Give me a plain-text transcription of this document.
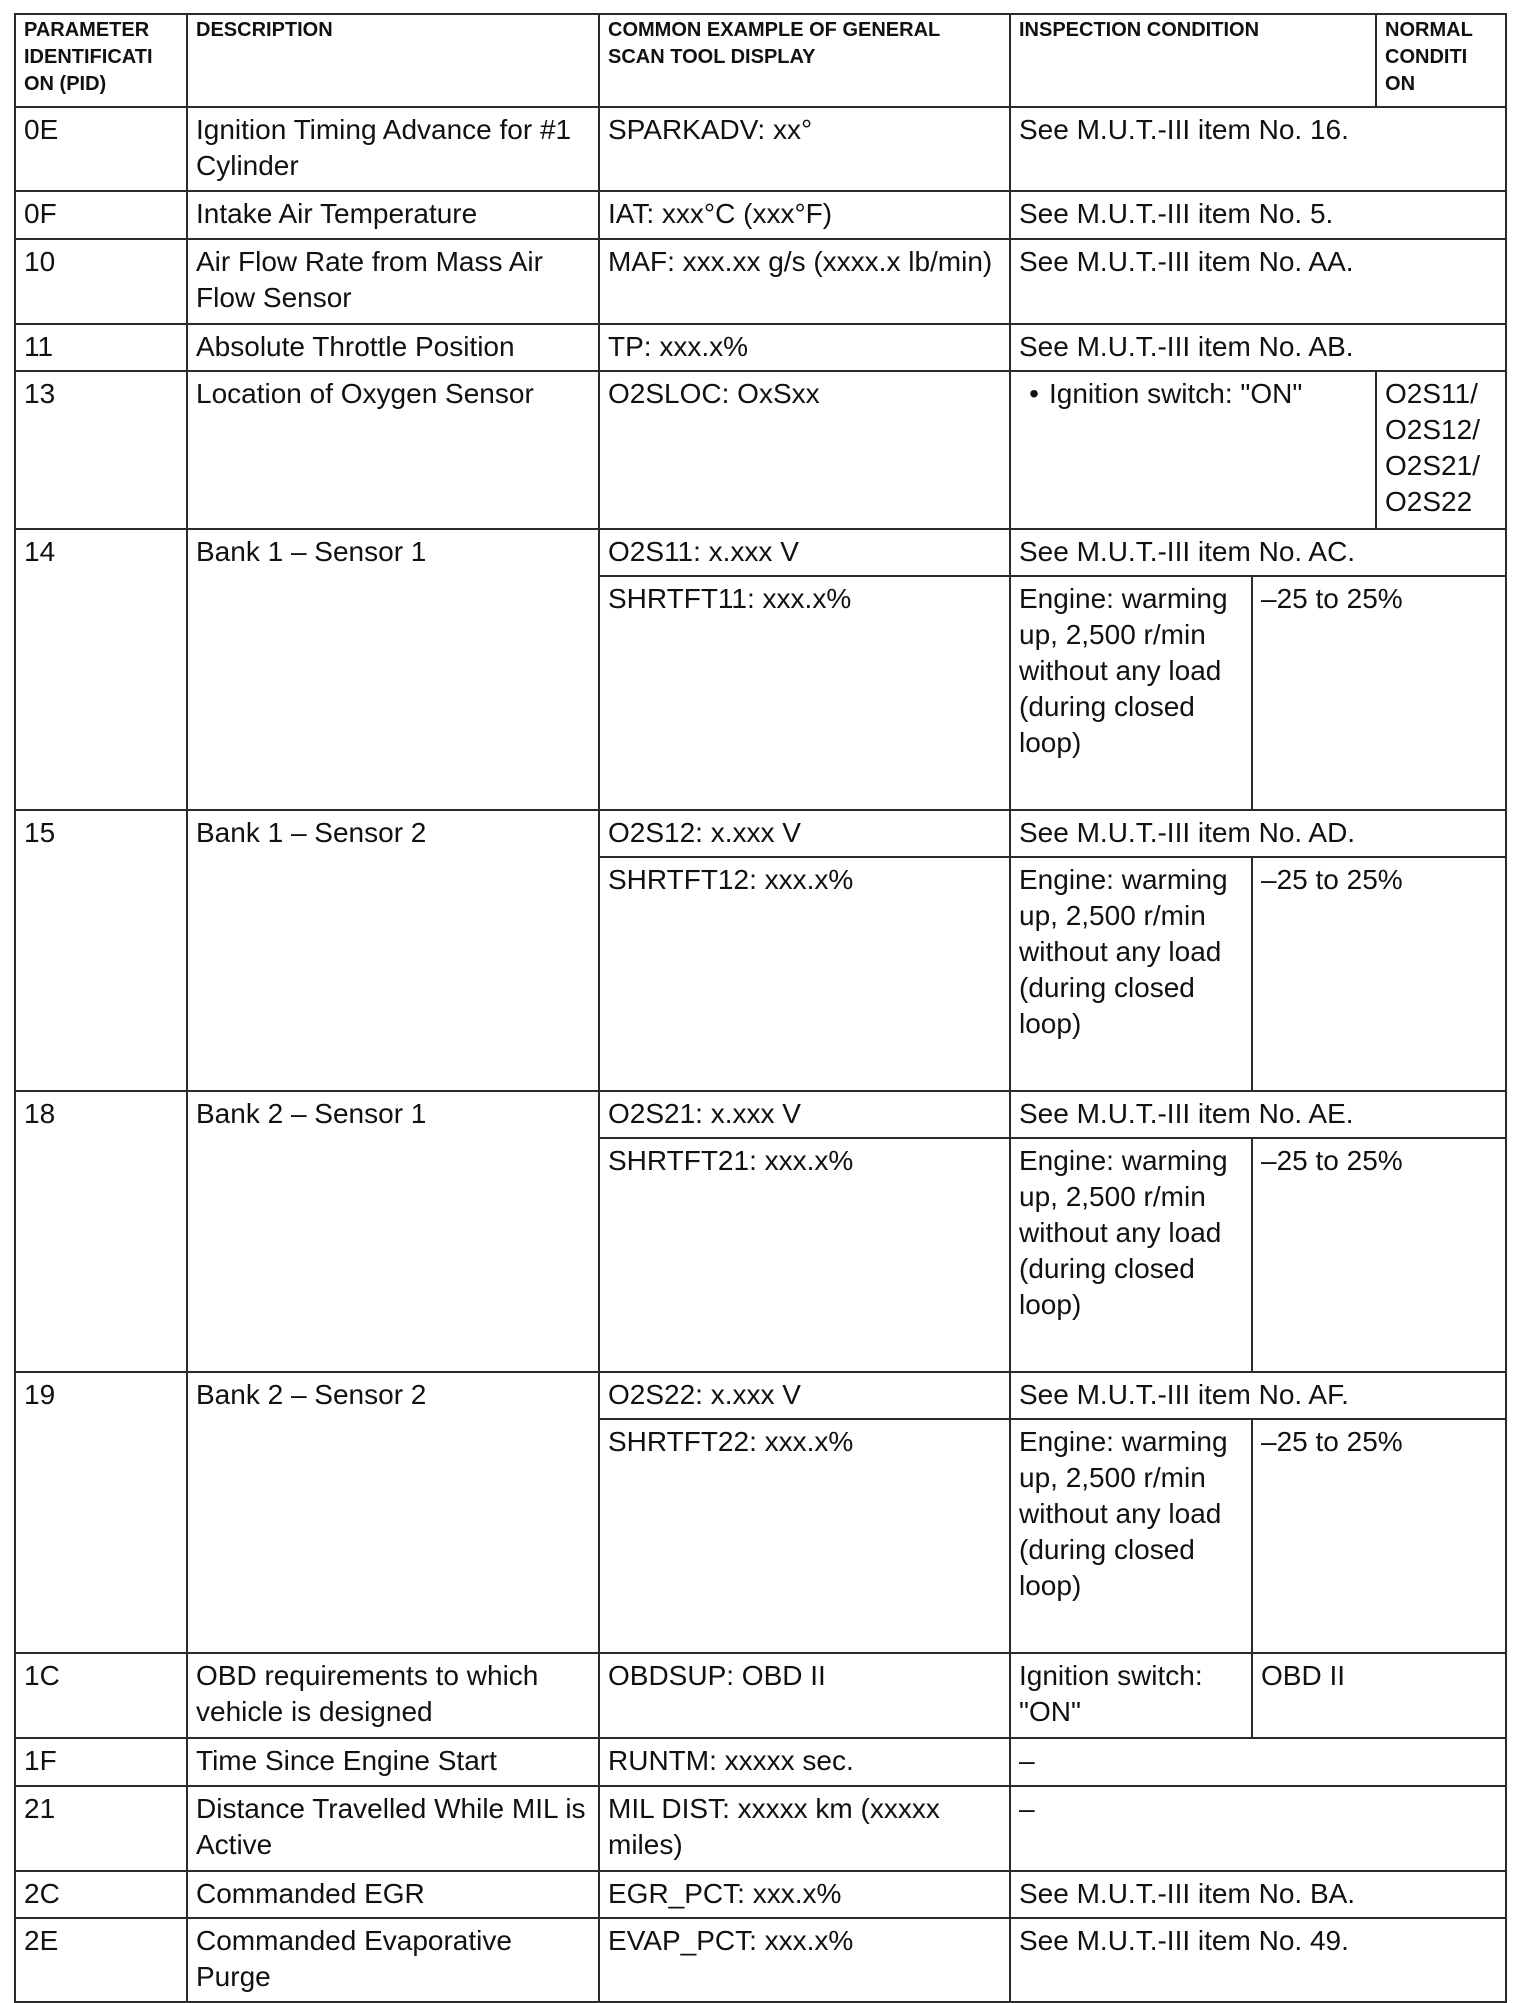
PARAMETER IDENTIFICATI ON (PID)	DESCRIPTION	COMMON EXAMPLE OF GENERAL SCAN TOOL DISPLAY	INSPECTION CONDITION		NORMAL CONDITI ON
0E	Ignition Timing Advance for #1 Cylinder	SPARKADV: xx°	See M.U.T.-III item No. 16.		
0F	Intake Air Temperature	IAT: xxx°C (xxx°F)	See M.U.T.-III item No. 5.		
10	Air Flow Rate from Mass Air Flow Sensor	MAF: xxx.xx g/s (xxxx.x lb/min)	See M.U.T.-III item No. AA.		
11	Absolute Throttle Position	TP: xxx.x%	See M.U.T.-III item No. AB.		
13	Location of Oxygen Sensor	O2SLOC: OxSxx	• Ignition switch: "ON"		O2S11/ O2S12/ O2S21/ O2S22
14	Bank 1 – Sensor 1	O2S11: x.xxx V	See M.U.T.-III item No. AC.		
		SHRTFT11: xxx.x%	Engine: warming up, 2,500 r/min without any load (during closed loop)	–25 to 25%	
15	Bank 1 – Sensor 2	O2S12: x.xxx V	See M.U.T.-III item No. AD.		
		SHRTFT12: xxx.x%	Engine: warming up, 2,500 r/min without any load (during closed loop)	–25 to 25%	
18	Bank 2 – Sensor 1	O2S21: x.xxx V	See M.U.T.-III item No. AE.		
		SHRTFT21: xxx.x%	Engine: warming up, 2,500 r/min without any load (during closed loop)	–25 to 25%	
19	Bank 2 – Sensor 2	O2S22: x.xxx V	See M.U.T.-III item No. AF.		
		SHRTFT22: xxx.x%	Engine: warming up, 2,500 r/min without any load (during closed loop)	–25 to 25%	
1C	OBD requirements to which vehicle is designed	OBDSUP: OBD II	Ignition switch: "ON"	OBD II	
1F	Time Since Engine Start	RUNTM: xxxxx sec.	–		
21	Distance Travelled While MIL is Active	MIL DIST: xxxxx km (xxxxx miles)	–		
2C	Commanded EGR	EGR_PCT: xxx.x%	See M.U.T.-III item No. BA.		
2E	Commanded Evaporative Purge	EVAP_PCT: xxx.x%	See M.U.T.-III item No. 49.		
